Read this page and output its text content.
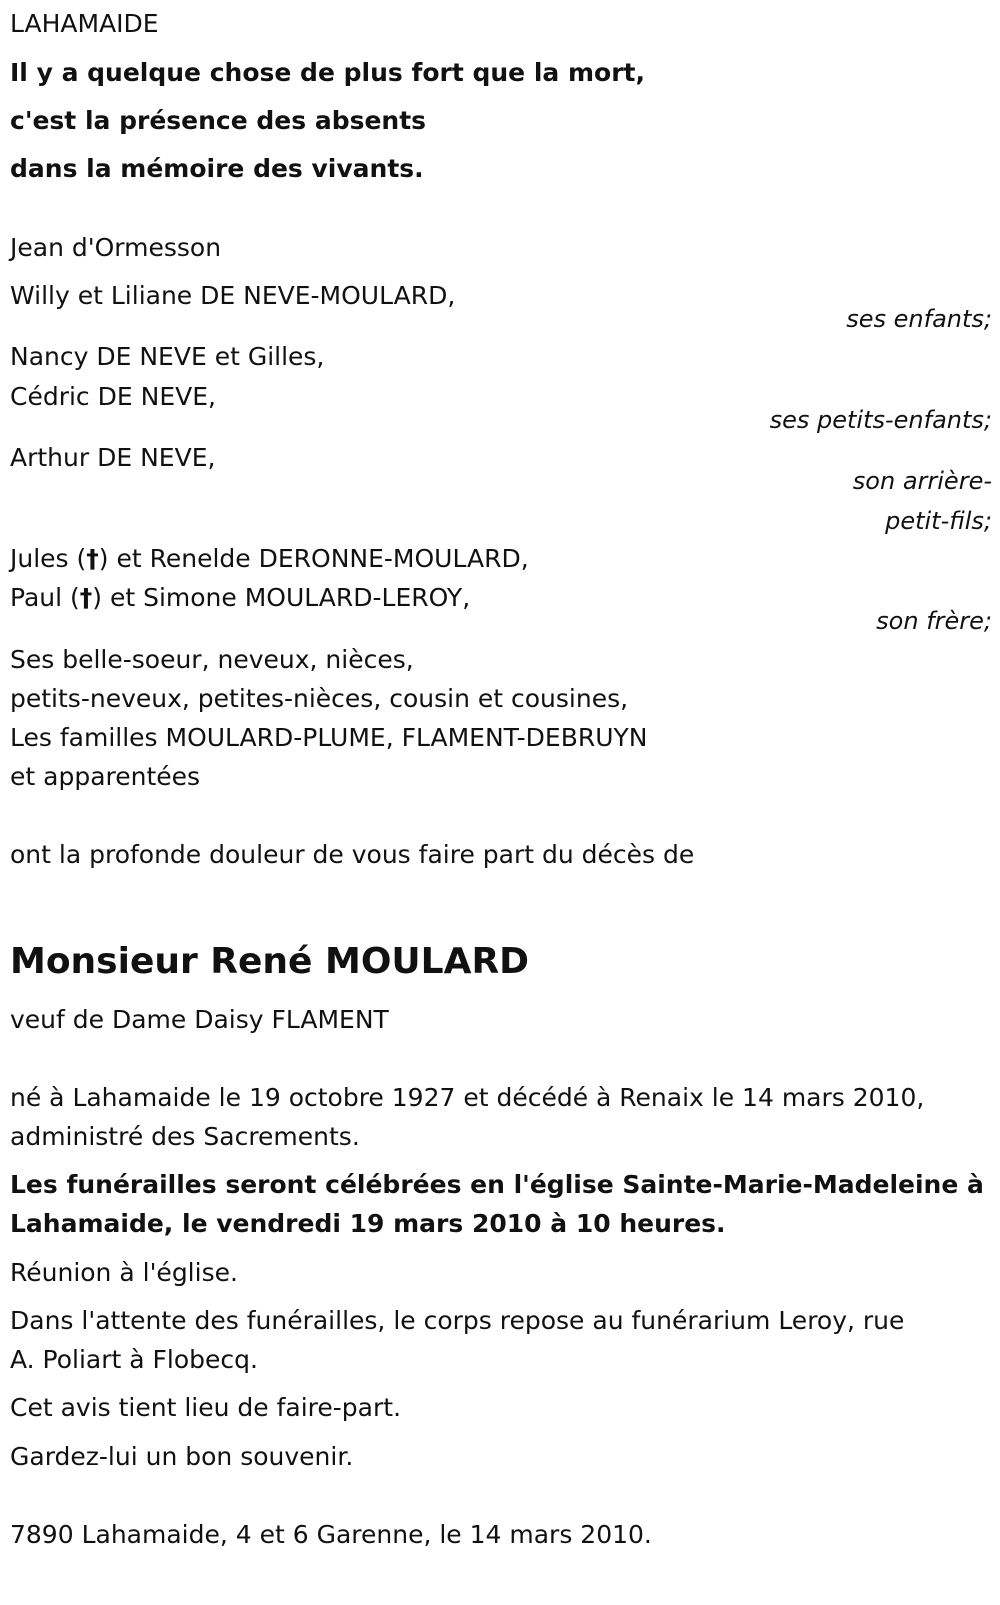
LAHAMAIDE

Il y a quelque chose de plus fort que la mort,

c'est la présence des absents

dans la mémoire des vivants.

Jean d'Ormesson

Willy et Liliane DE NEVE-MOULARD,

ses enfants;

Nancy DE NEVE et Gilles,

Cédric DE NEVE,

ses petits-enfants;

Arthur DE NEVE,

son arrière-

petit-fils;

Jules (†) et Renelde DERONNE-MOULARD,

Paul (†) et Simone MOULARD-LEROY,

son frère;

Ses belle-soeur, neveux, nièces,

petits-neveux, petites-nièces, cousin et cousines,

Les familles MOULARD-PLUME, FLAMENT-DEBRUYN

et apparentées

ont la profonde douleur de vous faire part du décès de

Monsieur René MOULARD

veuf de Dame Daisy FLAMENT

né à Lahamaide le 19 octobre 1927 et décédé à Renaix le 14 mars 2010,

administré des Sacrements.

Les funérailles seront célébrées en l'église Sainte-Marie-Madeleine à

Lahamaide, le vendredi 19 mars 2010 à 10 heures.

Réunion à l'église.

Dans l'attente des funérailles, le corps repose au funérarium Leroy, rue

A. Poliart à Flobecq.

Cet avis tient lieu de faire-part.

Gardez-lui un bon souvenir.

7890 Lahamaide, 4 et 6 Garenne, le 14 mars 2010.
